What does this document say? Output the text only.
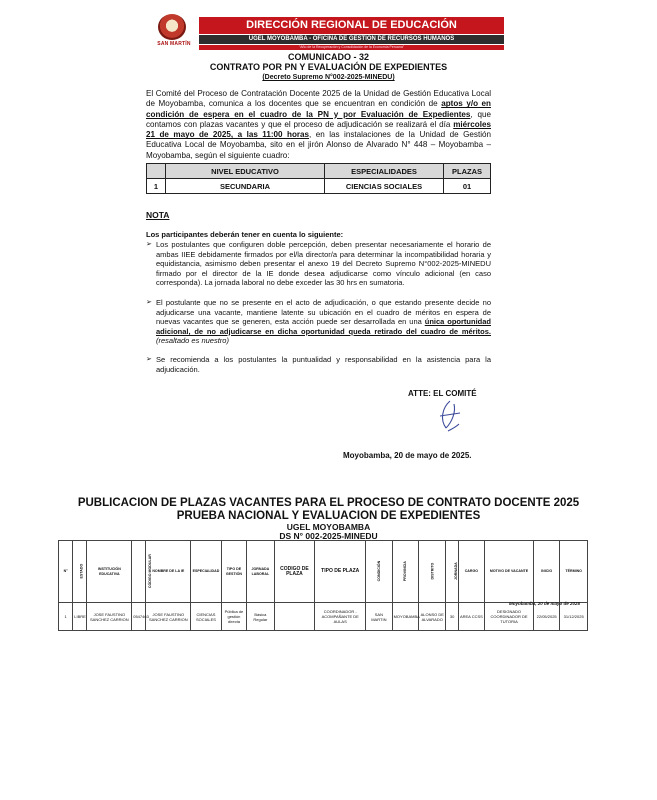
SAN MARTÍN
DIRECCIÓN REGIONAL DE EDUCACIÓN
UGEL MOYOBAMBA - OFICINA DE GESTIÓN DE RECURSOS HUMANOS
"Año de la Recuperación y Consolidación de la Economía Peruana"
COMUNICADO - 32
CONTRATO POR PN Y EVALUACIÓN DE EXPEDIENTES
(Decreto Supremo N°002-2025-MINEDU)
El Comité del Proceso de Contratación Docente 2025 de la Unidad de Gestión Educativa Local de Moyobamba, comunica a los docentes que se encuentran en condición de aptos y/o en condición de espera en el cuadro de la PN y por Evaluación de Expedientes, que contamos con plazas vacantes y que el proceso de adjudicación se realizará el día miércoles 21 de mayo de 2025, a las 11:00 horas, en las instalaciones de la Unidad de Gestión Educativa Local de Moyobamba, sito en el jirón Alonso de Alvarado N° 448 – Moyobamba – Moyobamba, según el siguiente cuadro:
	NIVEL EDUCATIVO	ESPECIALIDADES	PLAZAS
1	SECUNDARIA	CIENCIAS SOCIALES	01
NOTA
Los participantes deberán tener en cuenta lo siguiente:
➢ Los postulantes que configuren doble percepción, deben presentar necesariamente el horario de ambas IIEE debidamente firmados por el/la director/a para determinar la incompatibilidad horaria y equidistancia, asimismo deben presentar el anexo 19 del Decreto Supremo N°002-2025-MINEDU firmado por el director de la IE donde desea adjudicarse como vínculo adicional (en caso corresponda). La jornada laboral no debe exceder las 30 hrs en sumatoria.
➢ El postulante que no se presente en el acto de adjudicación, o que estando presente decide no adjudicarse una vacante, mantiene latente su ubicación en el cuadro de méritos en espera de nuevas vacantes que se generen, esta acción puede ser desarrollada en una única oportunidad adicional, de no adjudicarse en dicha oportunidad queda retirado del cuadro de méritos. (resaltado es nuestro)
➢ Se recomienda a los postulantes la puntualidad y responsabilidad en la asistencia para la adjudicación.
ATTE: EL COMITÉ
Moyobamba, 20 de mayo de 2025.
PUBLICACION DE PLAZAS VACANTES PARA EL PROCESO DE CONTRATO DOCENTE 2025
PRUEBA NACIONAL Y EVALUACION DE EXPEDIENTES
UGEL MOYOBAMBA
DS N° 002-2025-MINEDU
N°	ESTADO	INSTITUCIÓN EDUCATIVA	CÓDIGO MODULAR	NOMBRE DE LA IE	ESPECIALIDAD	TIPO DE GESTIÓN	JORNADA LABORAL	CODIGO DE PLAZA	TIPO DE PLAZA	CONDICIÓN	PROVINCIA	DISTRITO	JORNADA	CARGO	MOTIVO DE VACANTE	INICIO	TÉRMINO
1	LIBRE	JOSE FAUSTINO SANCHEZ CARRION	0547463	JOSE FAUSTINO SANCHEZ CARRION	CIENCIAS SOCIALES	Pública de gestión directa	Básica Regular		COORDINADOR - ACOMPAÑANTE DE AULAS	SAN MARTIN	MOYOBAMBA	ALONSO DE ALVARADO	30	AREA CCSS	DESIGNADO COORDINADOR DE TUTORIA	22/05/2025	31/12/2025
Moyobamba, 20 de mayo de 2025
